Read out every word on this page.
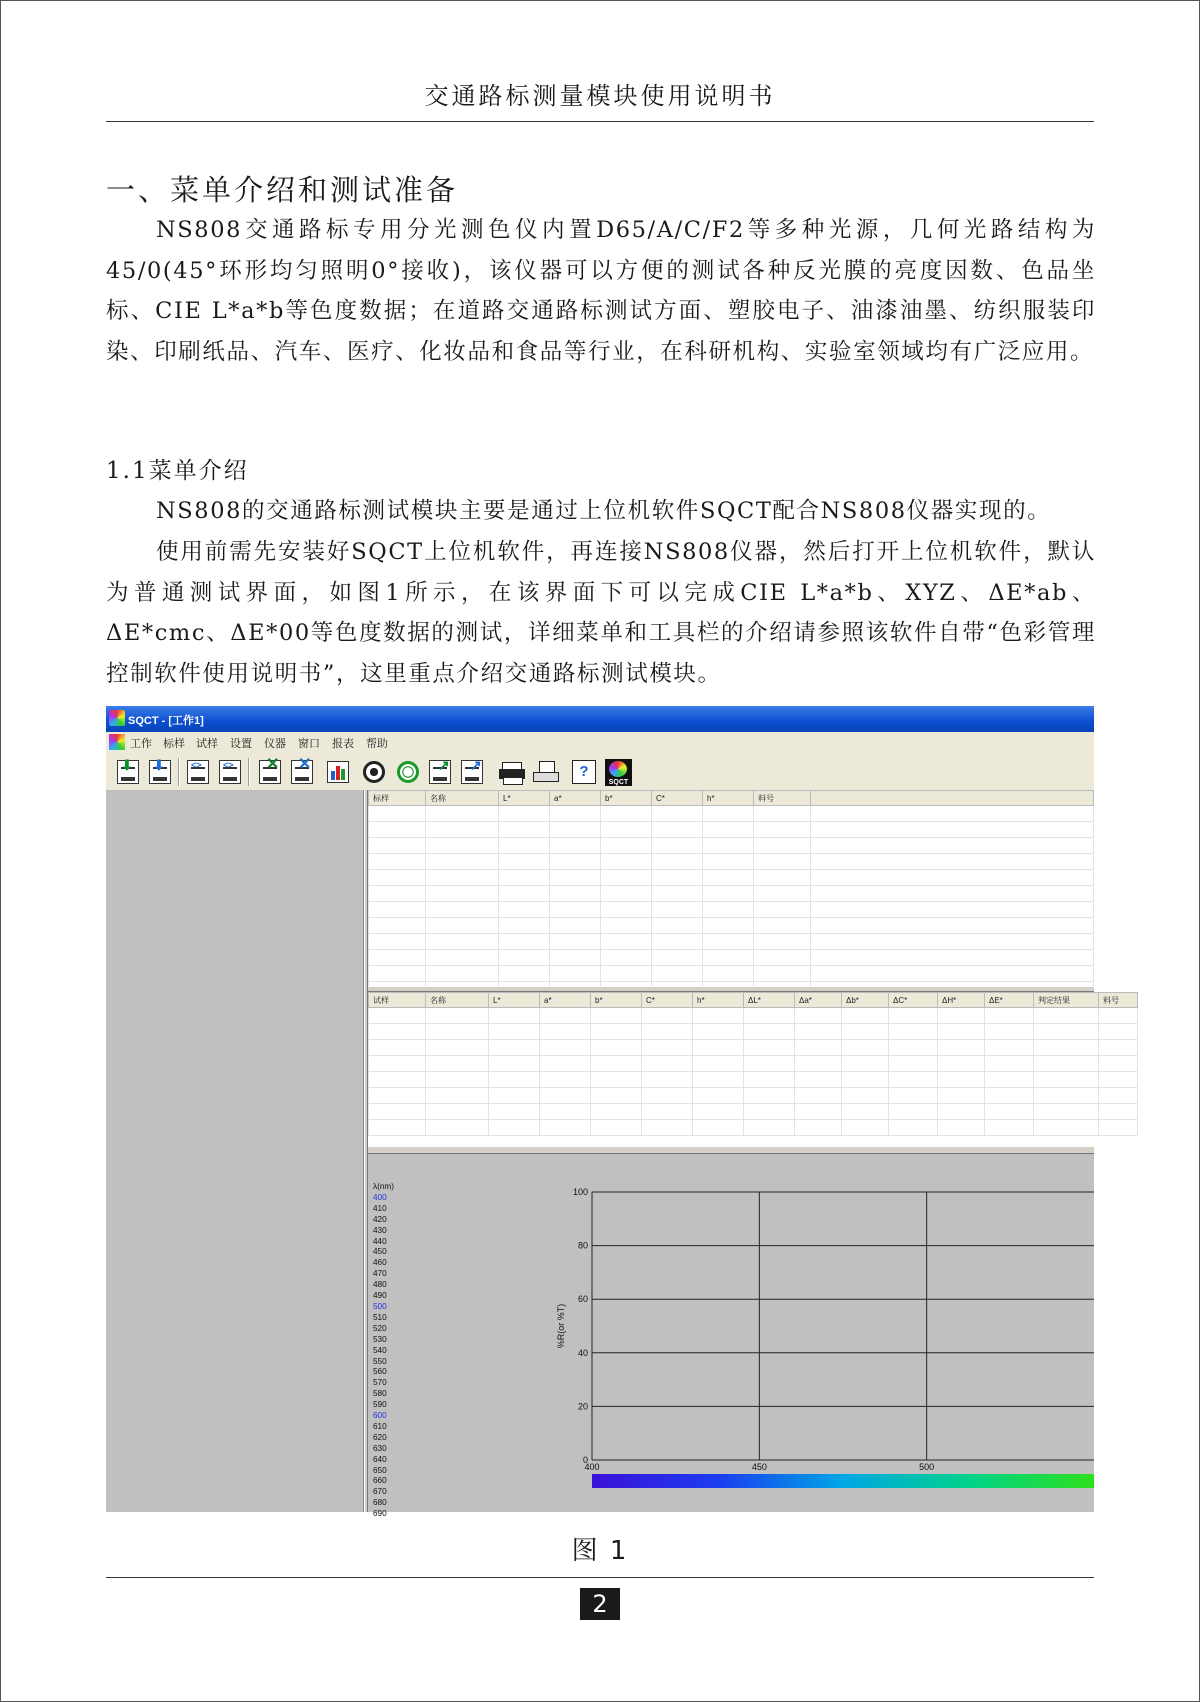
交通路标测量模块使用说明书
一、菜单介绍和测试准备

NS808交通路标专用分光测色仪内置D65/A/C/F2等多种光源，几何光路结构为45/0(45°环形均匀照明0°接收)，该仪器可以方便的测试各种反光膜的亮度因数、色品坐标、CIE L*a*b等色度数据；在道路交通路标测试方面、塑胶电子、油漆油墨、纺织服装印染、印刷纸品、汽车、医疗、化妆品和食品等行业，在科研机构、实验室领域均有广泛应用。

1.1菜单介绍

NS808的交通路标测试模块主要是通过上位机软件SQCT配合NS808仪器实现的。

使用前需先安装好SQCT上位机软件，再连接NS808仪器，然后打开上位机软件，默认为普通测试界面，如图1所示，在该界面下可以完成CIE L*a*b、XYZ、ΔE*ab、ΔE*cmc、ΔE*00等色度数据的测试，详细菜单和工具栏的介绍请参照该软件自带“色彩管理控制软件使用说明书”，这里重点介绍交通路标测试模块。

SQCT - [工作1]
工作 标样 试样 设置 仪器 窗口 报表 帮助
⬇ ⬇	<> <> ✕ ✕	↗ ↗	?
SQCT
标样	名称	L*	a*	b*	C*	h*	料号	

试样	名称	L*	a*	b*	C*	h*	ΔL*	Δa*	Δb*	ΔC*	ΔH*	ΔE*	判定结果	料号	

λ(nm)
400
410
420
430
440
450
460
470
480
490
500
510
520
530
540
550
560
570
580
590
600
610
620
630
640
650
660
670
680
690
100
80
60
40
20
0
400	450	500
%R(or %T)
图 1
2
